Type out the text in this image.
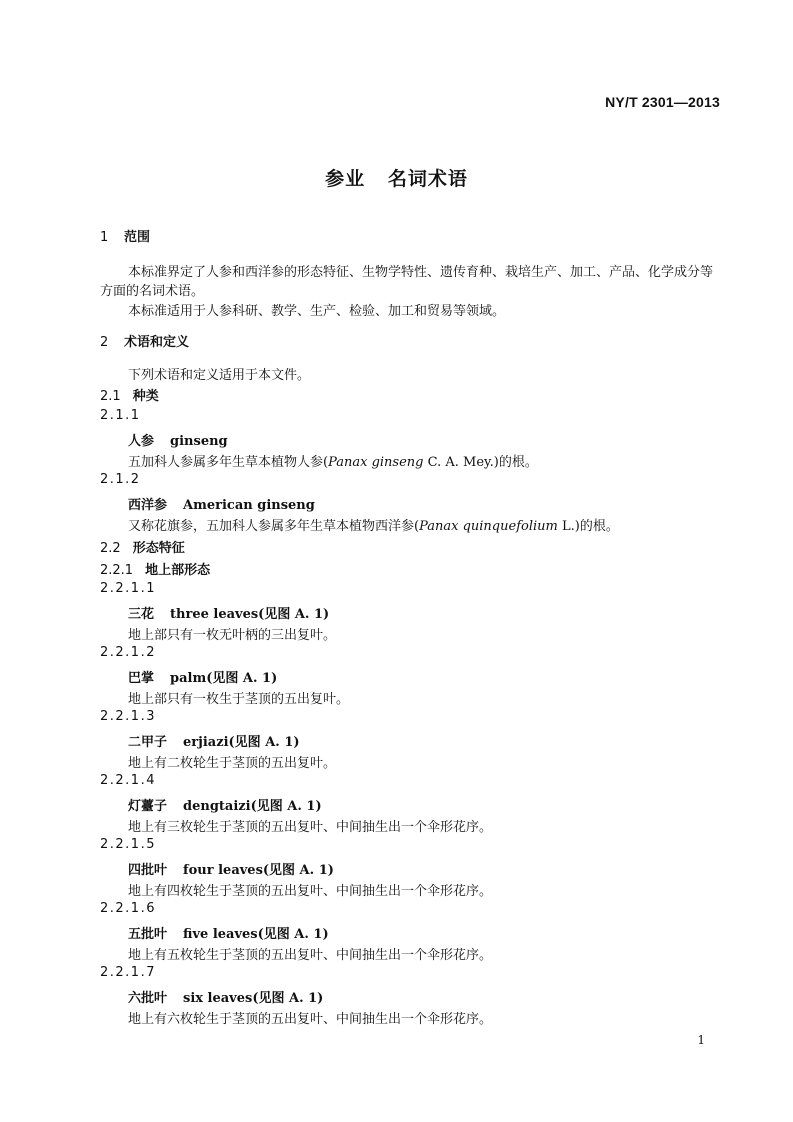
NY/T 2301—2013
参业   名词术语
1 范围
本标准界定了人参和西洋参的形态特征、生物学特性、遗传育种、栽培生产、加工、产品、化学成分等
方面的名词术语。
本标准适用于人参科研、教学、生产、检验、加工和贸易等领域。
2 术语和定义
下列术语和定义适用于本文件。
2.1 种类
2.1.1
人参 ginseng
五加科人参属多年生草本植物人参(Panax ginseng C. A. Mey.)的根。
2.1.2
西洋参 American ginseng
又称花旗参，五加科人参属多年生草本植物西洋参(Panax quinquefolium L.)的根。
2.2 形态特征
2.2.1 地上部形态
2.2.1.1
三花 three leaves(见图 A. 1)
地上部只有一枚无叶柄的三出复叶。
2.2.1.2
巴掌 palm(见图 A. 1)
地上部只有一枚生于茎顶的五出复叶。
2.2.1.3
二甲子 erjiazi(见图 A. 1)
地上有二枚轮生于茎顶的五出复叶。
2.2.1.4
灯薹子 dengtaizi(见图 A. 1)
地上有三枚轮生于茎顶的五出复叶、中间抽生出一个伞形花序。
2.2.1.5
四批叶 four leaves(见图 A. 1)
地上有四枚轮生于茎顶的五出复叶、中间抽生出一个伞形花序。
2.2.1.6
五批叶 five leaves(见图 A. 1)
地上有五枚轮生于茎顶的五出复叶、中间抽生出一个伞形花序。
2.2.1.7
六批叶 six leaves(见图 A. 1)
地上有六枚轮生于茎顶的五出复叶、中间抽生出一个伞形花序。
1
